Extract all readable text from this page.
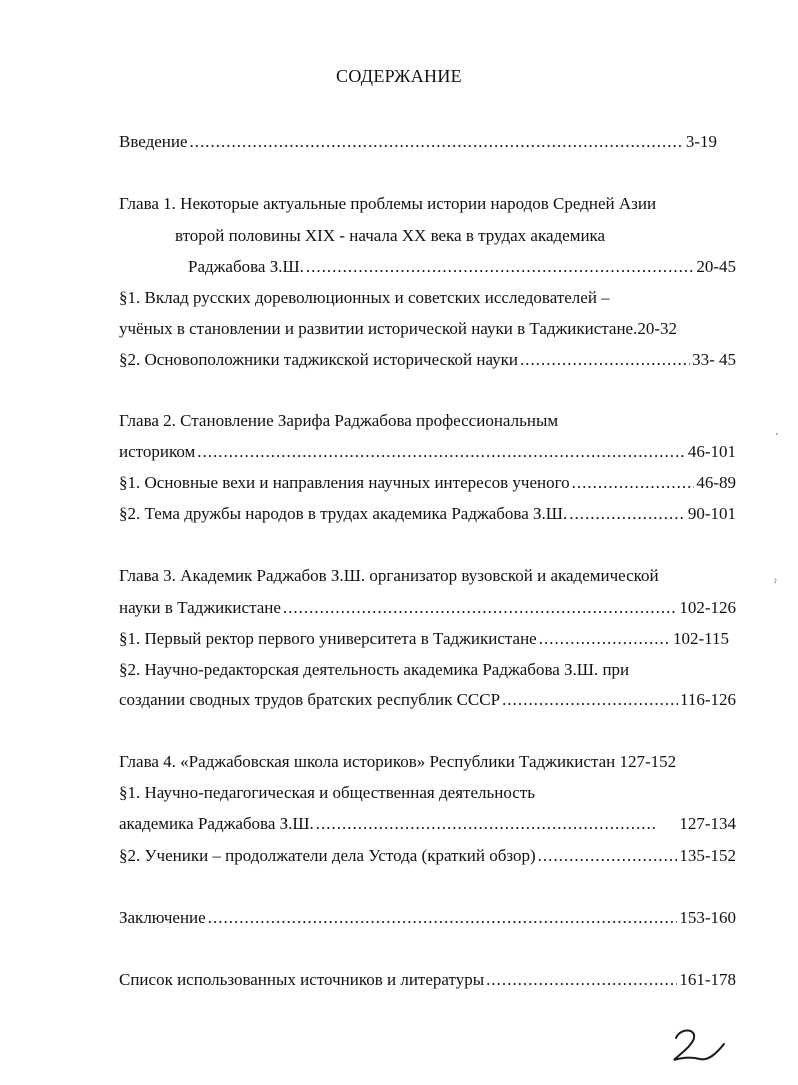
СОДЕРЖАНИЕ
Введение .....	3-19
Глава 1. Некоторые актуальные проблемы истории народов Средней Азии
второй половины XIX - начала XX века в трудах академика
Раджабова З.Ш. .....	20-45
§1. Вклад русских дореволюционных и советских исследователей –
учёных в становлении и развитии исторической науки в Таджикистане.20-32
§2. Основоположники таджикской исторической науки .....	33- 45
Глава 2. Становление Зарифа Раджабова профессиональным
историком .....	46-101
§1. Основные вехи и направления научных интересов ученого .....	46-89
§2. Тема дружбы народов в трудах академика Раджабова З.Ш. .....	90-101
Глава 3. Академик Раджабов З.Ш. организатор вузовской и академической
науки в Таджикистане .....	102-126
§1. Первый ректор первого университета в Таджикистане .....	102-115
§2. Научно-редакторская деятельность академика Раджабова З.Ш. при
создании сводных трудов братских республик СССР .....	116-126
Глава 4. «Раджабовская школа историков» Республики Таджикистан 127-152
§1. Научно-педагогическая и общественная деятельность
академика Раджабова З.Ш. .....	127-134
§2. Ученики – продолжатели дела Устода (краткий обзор) .....	135-152
Заключение .....	153-160
Список использованных источников и литературы .....	161-178
'
ˀ
